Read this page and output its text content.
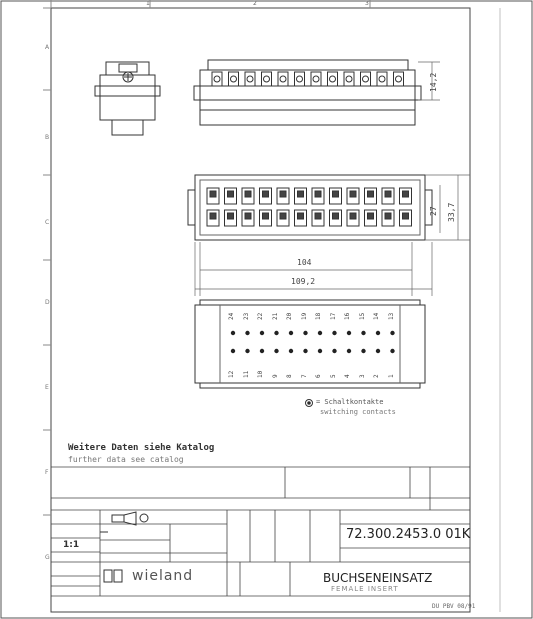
1	2	3
A
B
C
D
E
F
G
14,2
27 33,7
104
109,2
24 23 22 21 20 19 18 17 16 15 14 13
12 11 10 9 8 7 6 5 4 3 2 1
= Schaltkontakte
switching contacts
Weitere Daten siehe Katalog
further data see catalog
1:1
72.300.2453.0 01K
BUCHSENEINSATZ
FEMALE INSERT
wieland
DU PBV 08/91
